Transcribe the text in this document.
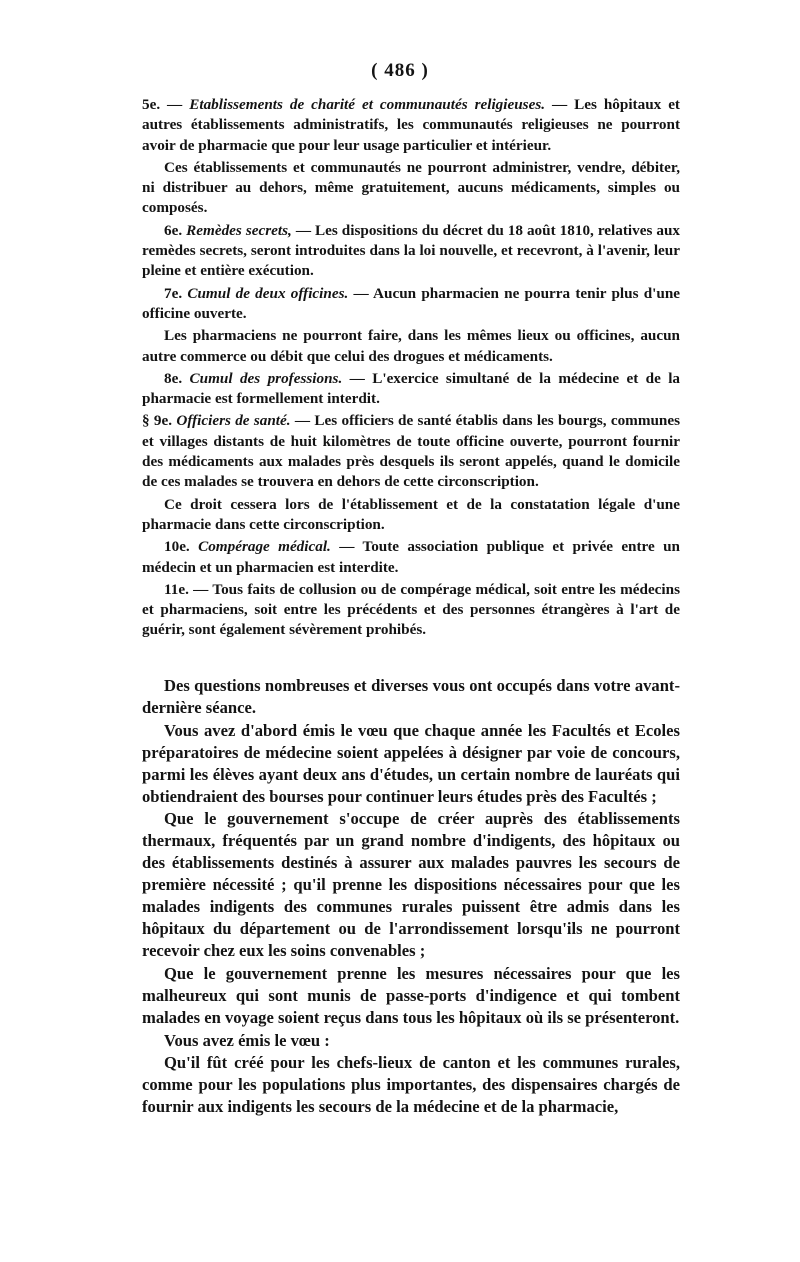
( 486 )

5e. — Etablissements de charité et communautés religieuses. — Les hôpitaux et autres établissements administratifs, les communautés religieuses ne pourront avoir de pharmacie que pour leur usage particulier et intérieur.

Ces établissements et communautés ne pourront administrer, vendre, débiter, ni distribuer au dehors, même gratuitement, aucuns médicaments, simples ou composés.

6e. Remèdes secrets, — Les dispositions du décret du 18 août 1810, relatives aux remèdes secrets, seront introduites dans la loi nouvelle, et recevront, à l'avenir, leur pleine et entière exécution.

7e. Cumul de deux officines. — Aucun pharmacien ne pourra tenir plus d'une officine ouverte.

Les pharmaciens ne pourront faire, dans les mêmes lieux ou officines, aucun autre commerce ou débit que celui des drogues et médicaments.

8e. Cumul des professions. — L'exercice simultané de la médecine et de la pharmacie est formellement interdit.

§ 9e. Officiers de santé. — Les officiers de santé établis dans les bourgs, communes et villages distants de huit kilomètres de toute officine ouverte, pourront fournir des médicaments aux malades près desquels ils seront appelés, quand le domicile de ces malades se trouvera en dehors de cette circonscription.

Ce droit cessera lors de l'établissement et de la constatation légale d'une pharmacie dans cette circonscription.

10e. Compérage médical. — Toute association publique et privée entre un médecin et un pharmacien est interdite.

11e. — Tous faits de collusion ou de compérage médical, soit entre les médecins et pharmaciens, soit entre les précédents et des personnes étrangères à l'art de guérir, sont également sévèrement prohibés.

Des questions nombreuses et diverses vous ont occupés dans votre avant-dernière séance.

Vous avez d'abord émis le vœu que chaque année les Facultés et Ecoles préparatoires de médecine soient appelées à désigner par voie de concours, parmi les élèves ayant deux ans d'études, un certain nombre de lauréats qui obtiendraient des bourses pour continuer leurs études près des Facultés ;

Que le gouvernement s'occupe de créer auprès des établissements thermaux, fréquentés par un grand nombre d'indigents, des hôpitaux ou des établissements destinés à assurer aux malades pauvres les secours de première nécessité ; qu'il prenne les dispositions nécessaires pour que les malades indigents des communes rurales puissent être admis dans les hôpitaux du département ou de l'arrondissement lorsqu'ils ne pourront recevoir chez eux les soins convenables ;

Que le gouvernement prenne les mesures nécessaires pour que les malheureux qui sont munis de passe-ports d'indigence et qui tombent malades en voyage soient reçus dans tous les hôpitaux où ils se présenteront.

Vous avez émis le vœu :

Qu'il fût créé pour les chefs-lieux de canton et les communes rurales, comme pour les populations plus importantes, des dispensaires chargés de fournir aux indigents les secours de la médecine et de la pharmacie,
